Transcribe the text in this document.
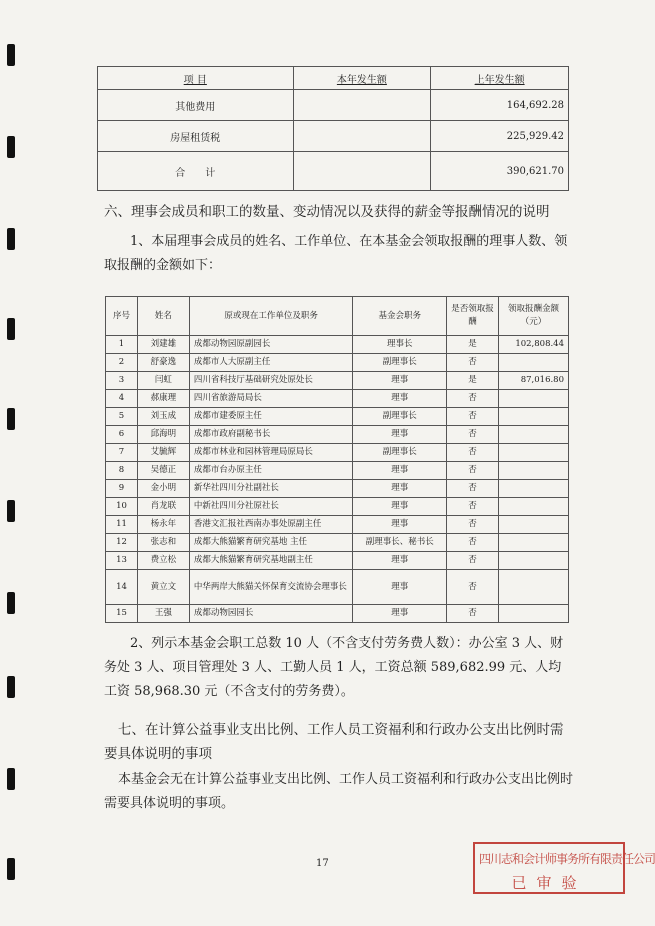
项 目	本年发生额	上年发生额
其他费用		164,692.28
房屋租赁税		225,929.42
合　　计		390,621.70

六、理事会成员和职工的数量、变动情况以及获得的薪金等报酬情况的说明

1、本届理事会成员的姓名、工作单位、在本基金会领取报酬的理事人数、领取报酬的金额如下：

序号	姓名	原或现在工作单位及职务	基金会职务	是否领取报酬	领取报酬金额（元）
1	刘建雄	成都动物园原副园长	理事长	是	102,808.44
2	舒豪逸	成都市人大原副主任	副理事长	否	
3	闫虹	四川省科技厅基础研究处原处长	理事	是	87,016.80
4	郝康理	四川省旅游局局长	理事	否	
5	刘玉成	成都市建委原主任	副理事长	否	
6	邱海明	成都市政府副秘书长	理事	否	
7	艾毓辉	成都市林业和园林管理局原局长	副理事长	否	
8	吴德正	成都市台办原主任	理事	否	
9	金小明	新华社四川分社副社长	理事	否	
10	肖龙联	中新社四川分社原社长	理事	否	
11	杨永年	香港文汇报社西南办事处原副主任	理事	否	
12	张志和	成都大熊猫繁育研究基地 主任	副理事长、秘书长	否	
13	费立松	成都大熊猫繁育研究基地副主任	理事	否	
14	黄立文	中华两岸大熊猫关怀保育交流协会理事长	理事	否	
15	王强	成都动物园园长	理事	否	

2、列示本基金会职工总数 10 人（不含支付劳务费人数）：办公室 3 人、财务处 3 人、项目管理处 3 人、工勤人员 1 人，工资总额 589,682.99 元、人均工资 58,968.30 元（不含支付的劳务费）。

七、在计算公益事业支出比例、工作人员工资福利和行政办公支出比例时需要具体说明的事项

本基金会无在计算公益事业支出比例、工作人员工资福利和行政办公支出比例时需要具体说明的事项。

17	四川志和会计师事务所有限责任公司
已审验
